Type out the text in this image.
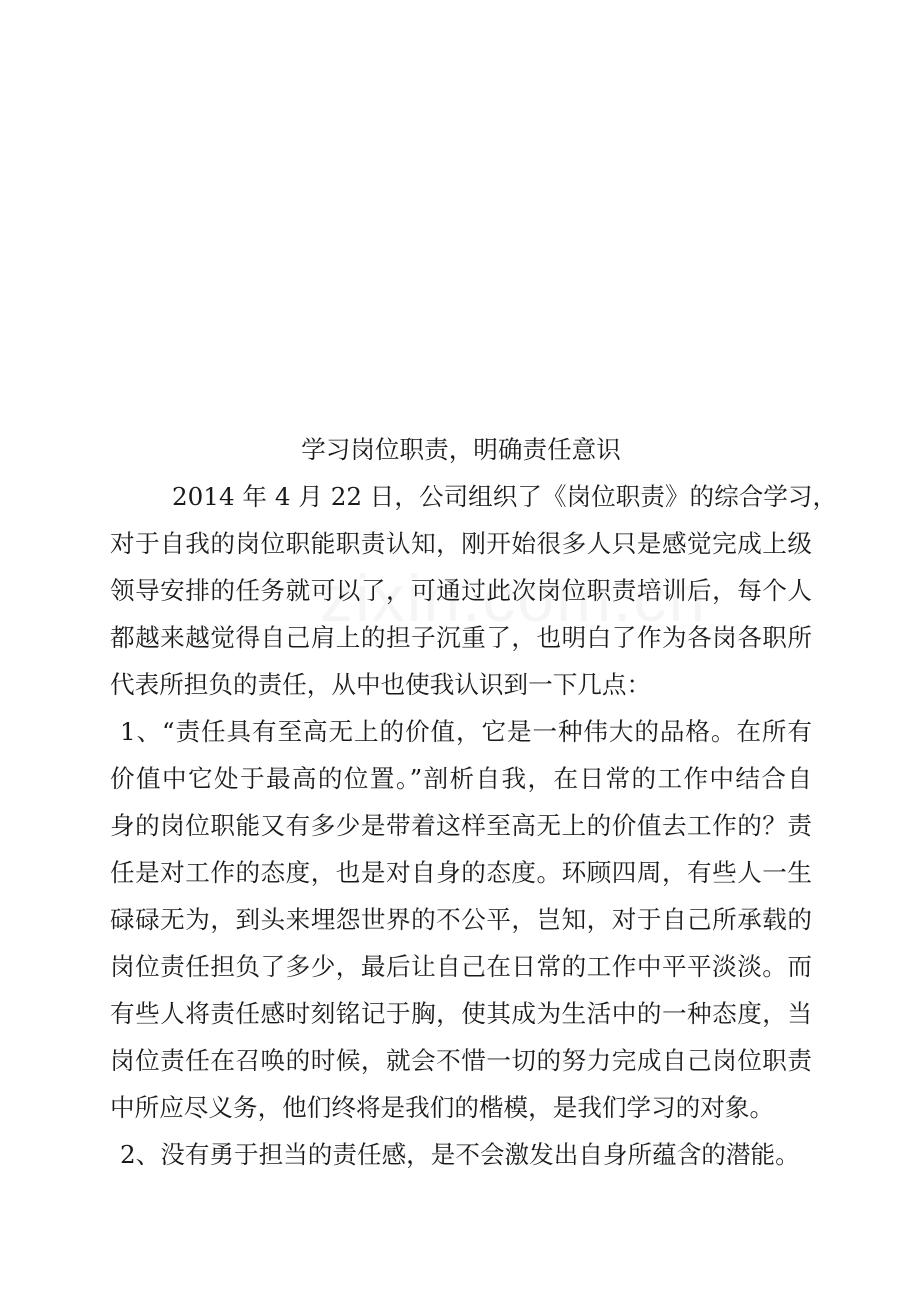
学习岗位职责，明确责任意识

2014 年 4 月 22 日，公司组织了《岗位职责》的综合学习，
对于自我的岗位职能职责认知，刚开始很多人只是感觉完成上级
领导安排的任务就可以了，可通过此次岗位职责培训后，每个人
都越来越觉得自己肩上的担子沉重了，也明白了作为各岗各职所
代表所担负的责任，从中也使我认识到一下几点：
1、“责任具有至高无上的价值，它是一种伟大的品格。在所有
价值中它处于最高的位置。”剖析自我，在日常的工作中结合自
身的岗位职能又有多少是带着这样至高无上的价值去工作的？责
任是对工作的态度，也是对自身的态度。环顾四周，有些人一生
碌碌无为，到头来埋怨世界的不公平，岂知，对于自己所承载的
岗位责任担负了多少，最后让自己在日常的工作中平平淡淡。而
有些人将责任感时刻铭记于胸，使其成为生活中的一种态度，当
岗位责任在召唤的时候，就会不惜一切的努力完成自己岗位职责
中所应尽义务，他们终将是我们的楷模，是我们学习的对象。
2、没有勇于担当的责任感，是不会激发出自身所蕴含的潜能。
